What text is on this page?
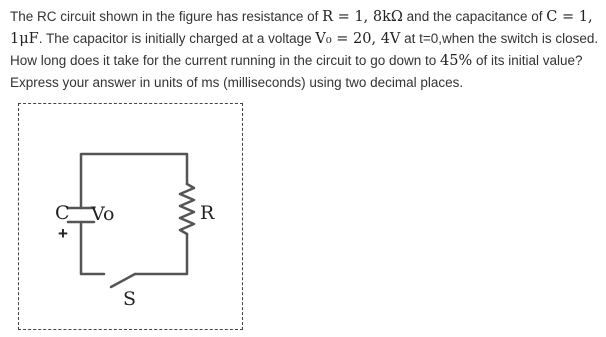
The RC circuit shown in the figure has resistance of R = 1, 8kΩ and the capacitance of C = 1, 1μF. The capacitor is initially charged at a voltage V₀ = 20, 4V at t=0,when the switch is closed. How long does it take for the current running in the circuit to go down to 45% of its initial value? Express your answer in units of ms (milliseconds) using two decimal places.
C
+
Vo	R
S
